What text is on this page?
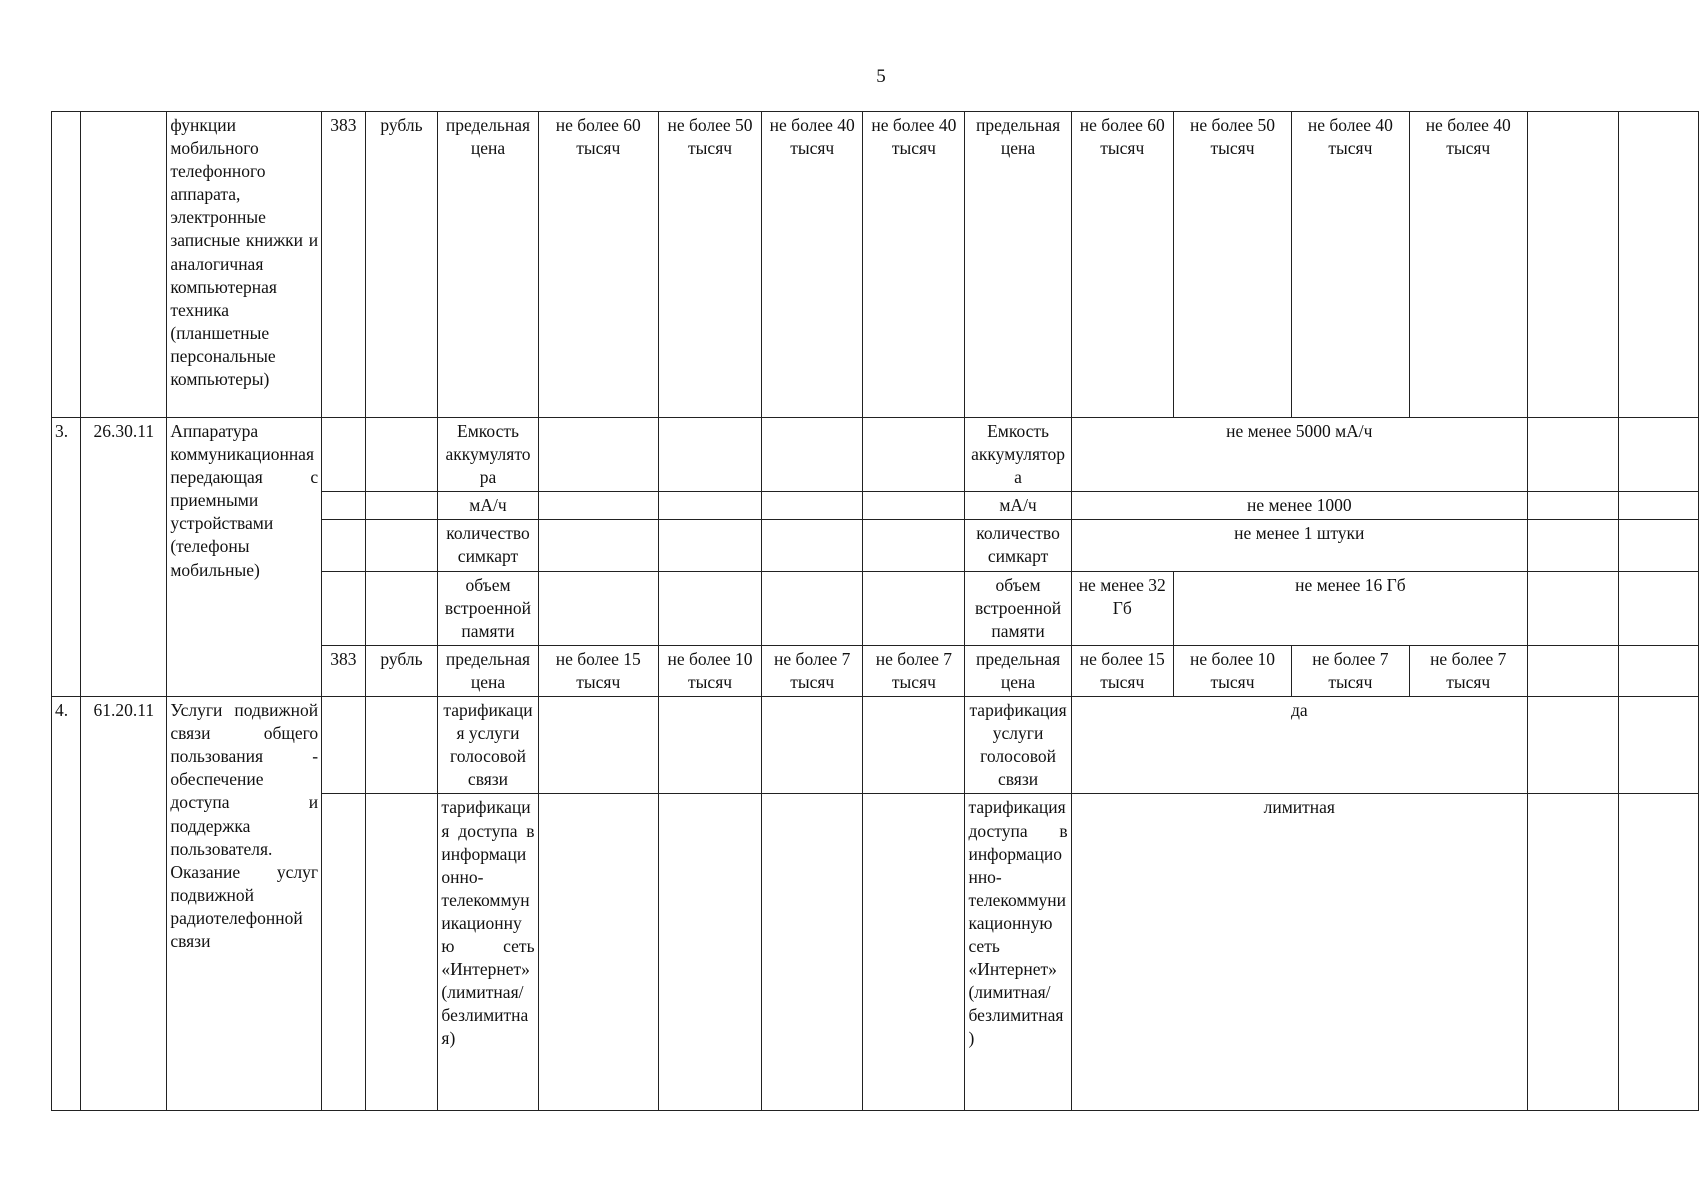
5
		функции мобильного телефонного аппарата, электронные записные книжки и аналогичная компьютерная техника (планшетные персональные компьютеры)	383	рубль	предельная цена	не более 60 тысяч	не более 50 тысяч	не более 40 тысяч	не более 40 тысяч	предельная цена	не более 60 тысяч	не более 50 тысяч	не более 40 тысяч	не более 40 тысяч		
3.	26.30.11	Аппаратура коммуникационная передающая с приемными устройствами (телефоны мобильные)			Емкость аккумулятора					Емкость аккумулятора	не менее 5000 мА/ч					
					мА/ч					мА/ч	не менее 1000					
					количество симкарт					количество симкарт	не менее 1 штуки					
					объем встроенной памяти					объем встроенной памяти	не менее 32 Гб	не менее 16 Гб				
			383	рубль	предельная цена	не более 15 тысяч	не более 10 тысяч	не более 7 тысяч	не более 7 тысяч	предельная цена	не более 15 тысяч	не более 10 тысяч	не более 7 тысяч	не более 7 тысяч		
4.	61.20.11	Услуги подвижной связи общего пользования - обеспечение доступа и поддержка пользователя. Оказание услуг подвижной радиотелефонной связи			тарификация услуги голосовой связи					тарификация услуги голосовой связи	да					
					тарификация доступа в информационно-телекоммуникационную сеть «Интернет» (лимитная/ безлимитная)					тарификация доступа в информационно-телекоммуникационную сеть «Интернет» (лимитная/ безлимитная)	лимитная					
